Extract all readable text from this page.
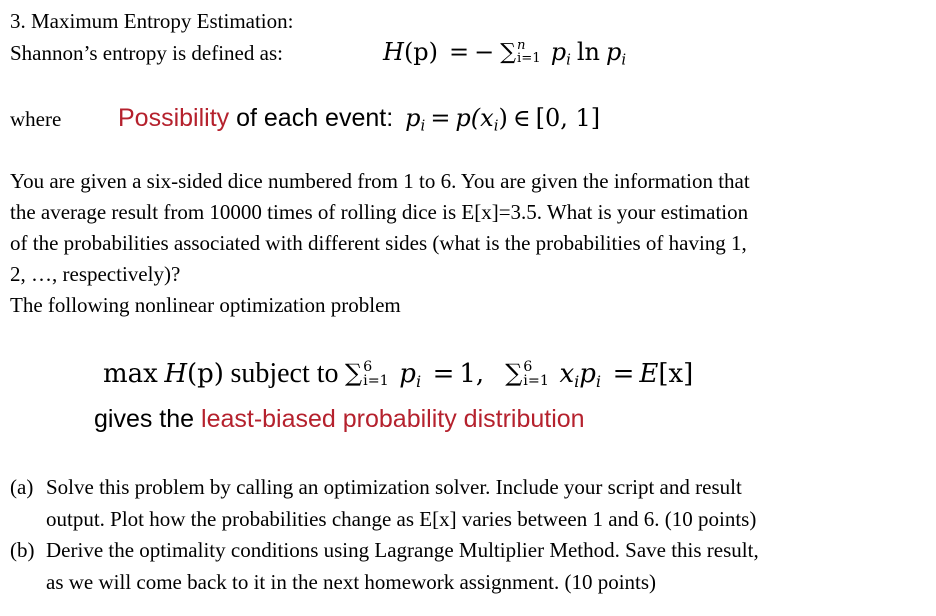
3. Maximum Entropy Estimation:
Shannon’s entropy is defined as:	H(p) = − ∑ n
i=1 $p_i$ $\ln p_i$
where Possibility of each event: $p_i = p(x_i)$ ∈ [0, 1]
You are given a six-sided dice numbered from 1 to 6. You are given the information that
the average result from 10000 times of rolling dice is E[x]=3.5. What is your estimation
of the probabilities associated with different sides (what is the probabilities of having 1,
2, …, respectively)?
The following nonlinear optimization problem
max H(p) subject to ∑ 6
i=1 $p_i = 1$, ∑ 6
i=1 $x_ip_i = E[x]$
gives the least-biased probability distribution
(a) Solve this problem by calling an optimization solver. Include your script and result
output. Plot how the probabilities change as E[x] varies between 1 and 6. (10 points)
(b) Derive the optimality conditions using Lagrange Multiplier Method. Save this result,
as we will come back to it in the next homework assignment. (10 points)
